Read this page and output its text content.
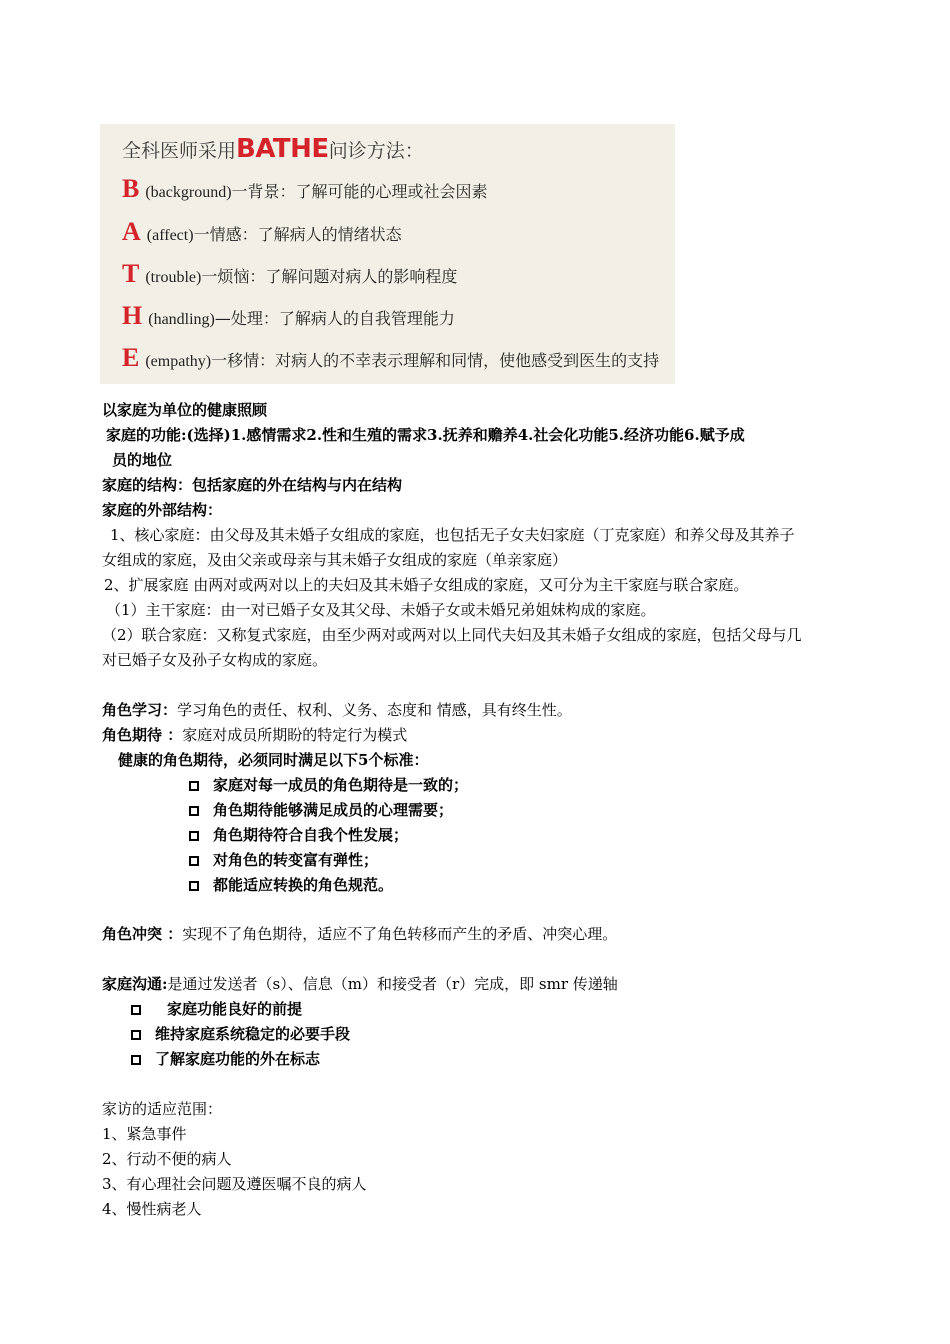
全科医师采用BATHE问诊方法：
B (background)一背景：了解可能的心理或社会因素
A (affect)一情感：了解病人的情绪状态
T (trouble)一烦恼：了解问题对病人的影响程度
H (handling)—处理：了解病人的自我管理能力
E (empathy)一移情：对病人的不幸表示理解和同情，使他感受到医生的支持
以家庭为单位的健康照顾
家庭的功能:(选择)1.感情需求2.性和生殖的需求3.抚养和赡养4.社会化功能5.经济功能6.赋予成
员的地位
家庭的结构：包括家庭的外在结构与内在结构
家庭的外部结构：
1、核心家庭：由父母及其未婚子女组成的家庭，也包括无子女夫妇家庭（丁克家庭）和养父母及其养子
女组成的家庭，及由父亲或母亲与其未婚子女组成的家庭（单亲家庭）
2、扩展家庭 由两对或两对以上的夫妇及其未婚子女组成的家庭，又可分为主干家庭与联合家庭。
（1）主干家庭：由一对已婚子女及其父母、未婚子女或未婚兄弟姐妹构成的家庭。
（2）联合家庭：又称复式家庭，由至少两对或两对以上同代夫妇及其未婚子女组成的家庭，包括父母与几
对已婚子女及孙子女构成的家庭。
角色学习：学习角色的责任、权利、义务、态度和 情感，具有终生性。
角色期待 ：家庭对成员所期盼的特定行为模式
健康的角色期待，必须同时满足以下5个标准：
家庭对每一成员的角色期待是一致的；
角色期待能够满足成员的心理需要；
角色期待符合自我个性发展；
对角色的转变富有弹性；
都能适应转换的角色规范。
角色冲突 ：实现不了角色期待，适应不了角色转移而产生的矛盾、冲突心理。
家庭沟通:是通过发送者（s）、信息（m）和接受者（r）完成，即 smr 传递轴
家庭功能良好的前提
维持家庭系统稳定的必要手段
了解家庭功能的外在标志
家访的适应范围：
1、紧急事件
2、行动不便的病人
3、有心理社会问题及遵医嘱不良的病人
4、慢性病老人
